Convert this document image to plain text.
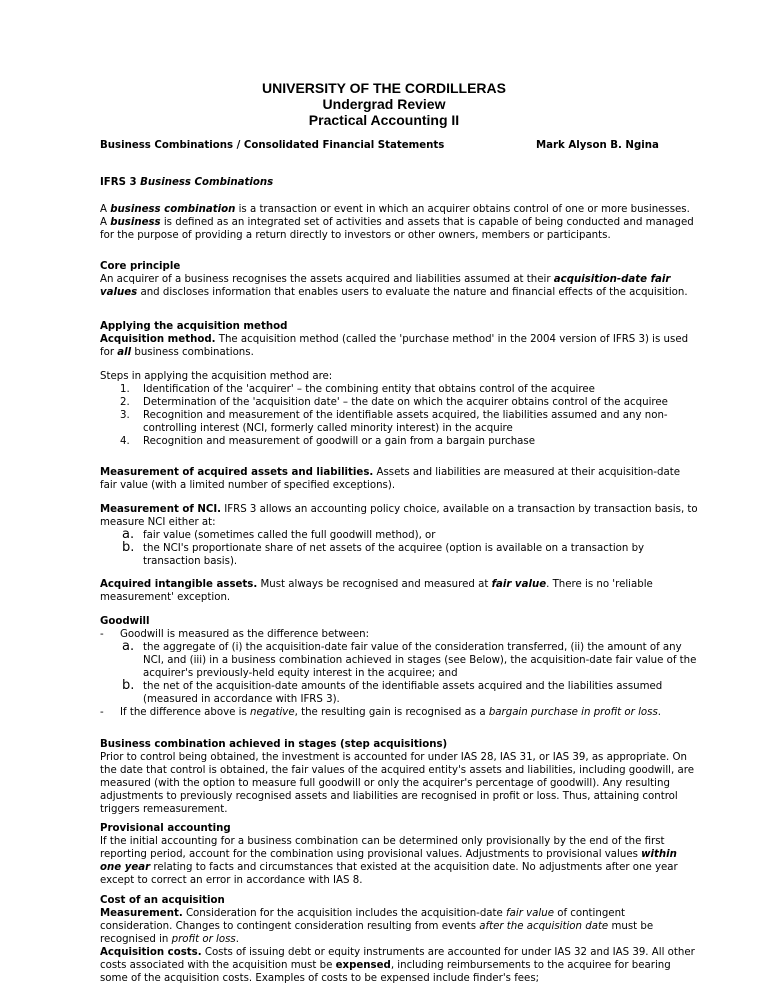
UNIVERSITY OF THE CORDILLERAS
Undergrad Review
Practical Accounting II
Business Combinations / Consolidated Financial Statements	Mark Alyson B. Ngina
IFRS 3 Business Combinations

A business combination is a transaction or event in which an acquirer obtains control of one or more businesses. A business is defined as an integrated set of activities and assets that is capable of being conducted and managed for the purpose of providing a return directly to investors or other owners, members or participants.

Core principle

An acquirer of a business recognises the assets acquired and liabilities assumed at their acquisition-date fair values and discloses information that enables users to evaluate the nature and financial effects of the acquisition.

Applying the acquisition method

Acquisition method. The acquisition method (called the 'purchase method' in the 2004 version of IFRS 3) is used for all business combinations.

Steps in applying the acquisition method are:

1. Identification of the 'acquirer' – the combining entity that obtains control of the acquiree
2. Determination of the 'acquisition date' – the date on which the acquirer obtains control of the acquiree
3. Recognition and measurement of the identifiable assets acquired, the liabilities assumed and any non-controlling interest (NCI, formerly called minority interest) in the acquire
4. Recognition and measurement of goodwill or a gain from a bargain purchase

Measurement of acquired assets and liabilities. Assets and liabilities are measured at their acquisition-date fair value (with a limited number of specified exceptions).

Measurement of NCI. IFRS 3 allows an accounting policy choice, available on a transaction by transaction basis, to measure NCI either at:

a. fair value (sometimes called the full goodwill method), or
b. the NCI's proportionate share of net assets of the acquiree (option is available on a transaction by transaction basis).

Acquired intangible assets. Must always be recognised and measured at fair value. There is no 'reliable measurement' exception.

Goodwill

- Goodwill is measured as the difference between:
a. the aggregate of (i) the acquisition-date fair value of the consideration transferred, (ii) the amount of any NCI, and (iii) in a business combination achieved in stages (see Below), the acquisition-date fair value of the acquirer's previously-held equity interest in the acquiree; and
b. the net of the acquisition-date amounts of the identifiable assets acquired and the liabilities assumed (measured in accordance with IFRS 3).
- If the difference above is negative, the resulting gain is recognised as a bargain purchase in profit or loss.

Business combination achieved in stages (step acquisitions)

Prior to control being obtained, the investment is accounted for under IAS 28, IAS 31, or IAS 39, as appropriate. On the date that control is obtained, the fair values of the acquired entity's assets and liabilities, including goodwill, are measured (with the option to measure full goodwill or only the acquirer's percentage of goodwill). Any resulting adjustments to previously recognised assets and liabilities are recognised in profit or loss. Thus, attaining control triggers remeasurement.

Provisional accounting

If the initial accounting for a business combination can be determined only provisionally by the end of the first reporting period, account for the combination using provisional values. Adjustments to provisional values within one year relating to facts and circumstances that existed at the acquisition date. No adjustments after one year except to correct an error in accordance with IAS 8.

Cost of an acquisition

Measurement. Consideration for the acquisition includes the acquisition-date fair value of contingent consideration. Changes to contingent consideration resulting from events after the acquisition date must be recognised in profit or loss.

Acquisition costs. Costs of issuing debt or equity instruments are accounted for under IAS 32 and IAS 39. All other costs associated with the acquisition must be expensed, including reimbursements to the acquiree for bearing some of the acquisition costs. Examples of costs to be expensed include finder's fees;
